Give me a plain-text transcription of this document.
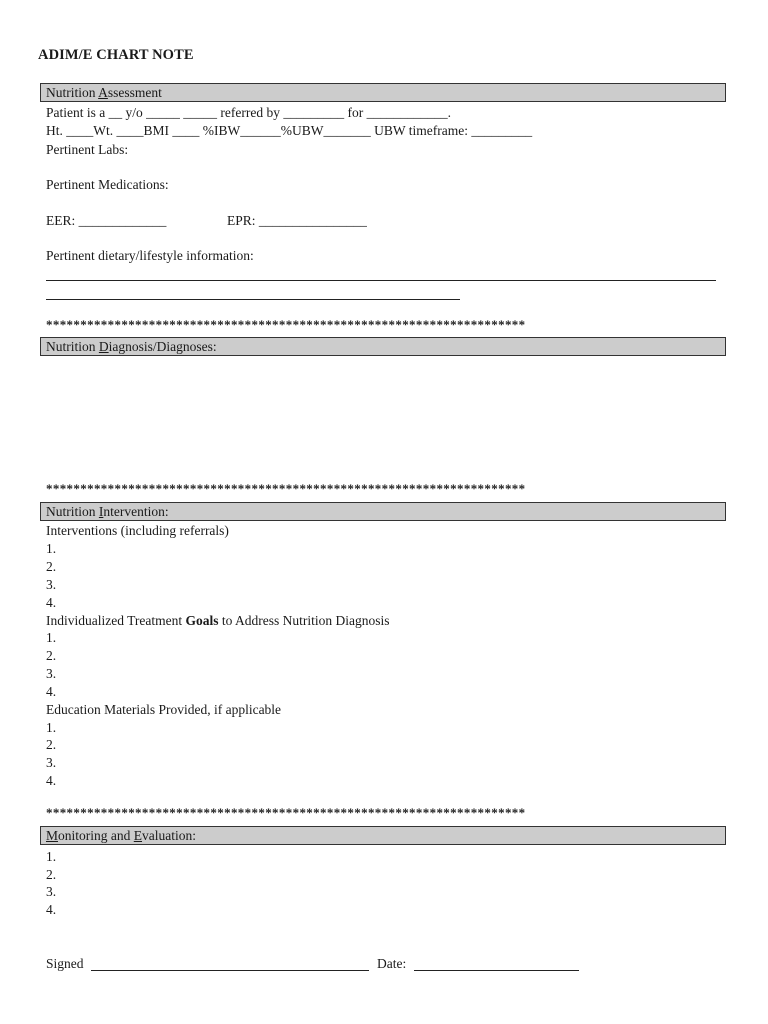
ADIM/E CHART NOTE
Nutrition Assessment
Patient is a __ y/o _____ _____ referred by _________ for ____________.
Ht. ____Wt. ____BMI ____ %IBW______%UBW_______ UBW timeframe: _________
Pertinent Labs:
Pertinent Medications:
EER: _____________	EPR: ________________
Pertinent dietary/lifestyle information:
**********************************************************************
Nutrition Diagnosis/Diagnoses:
**********************************************************************
Nutrition Intervention:
Interventions (including referrals)
1.
2.
3.
4.
Individualized Treatment Goals to Address Nutrition Diagnosis
1.
2.
3.
4.
Education Materials Provided, if applicable
1.
2.
3.
4.
**********************************************************************
Monitoring and Evaluation:
1.
2.
3.
4.
Signed	Date:
